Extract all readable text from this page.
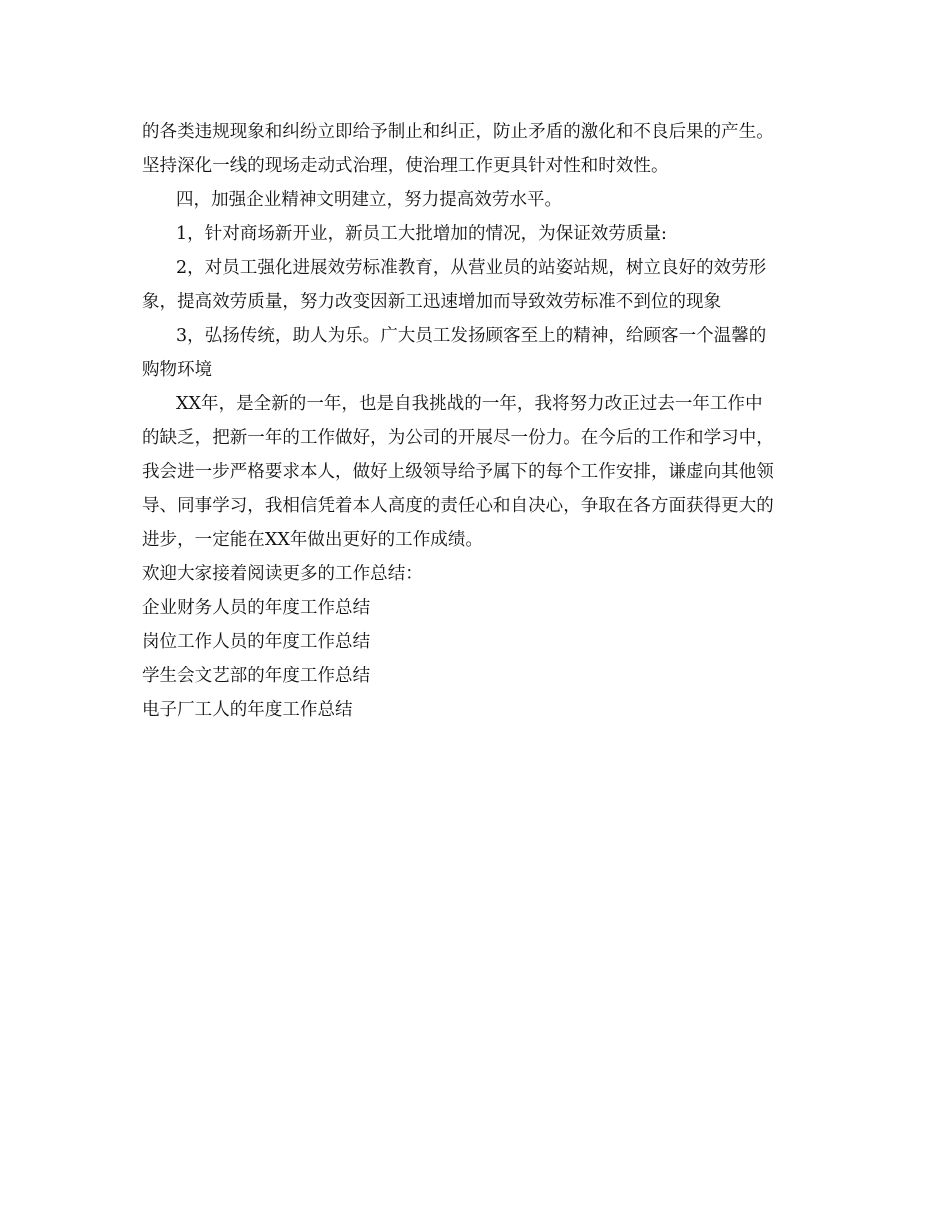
的各类违规现象和纠纷立即给予制止和纠正，防止矛盾的激化和不良后果的产生。
坚持深化一线的现场走动式治理，使治理工作更具针对性和时效性。
四，加强企业精神文明建立，努力提高效劳水平。
1，针对商场新开业，新员工大批增加的情况，为保证效劳质量:
2，对员工强化进展效劳标准教育，从营业员的站姿站规，树立良好的效劳形
象，提高效劳质量，努力改变因新工迅速增加而导致效劳标准不到位的现象
3，弘扬传统，助人为乐。广大员工发扬顾客至上的精神，给顾客一个温馨的
购物环境
XX年，是全新的一年，也是自我挑战的一年，我将努力改正过去一年工作中
的缺乏，把新一年的工作做好，为公司的开展尽一份力。在今后的工作和学习中，
我会进一步严格要求本人，做好上级领导给予属下的每个工作安排，谦虚向其他领
导、同事学习，我相信凭着本人高度的责任心和自决心，争取在各方面获得更大的
进步，一定能在XX年做出更好的工作成绩。
欢迎大家接着阅读更多的工作总结：
企业财务人员的年度工作总结
岗位工作人员的年度工作总结
学生会文艺部的年度工作总结
电子厂工人的年度工作总结
